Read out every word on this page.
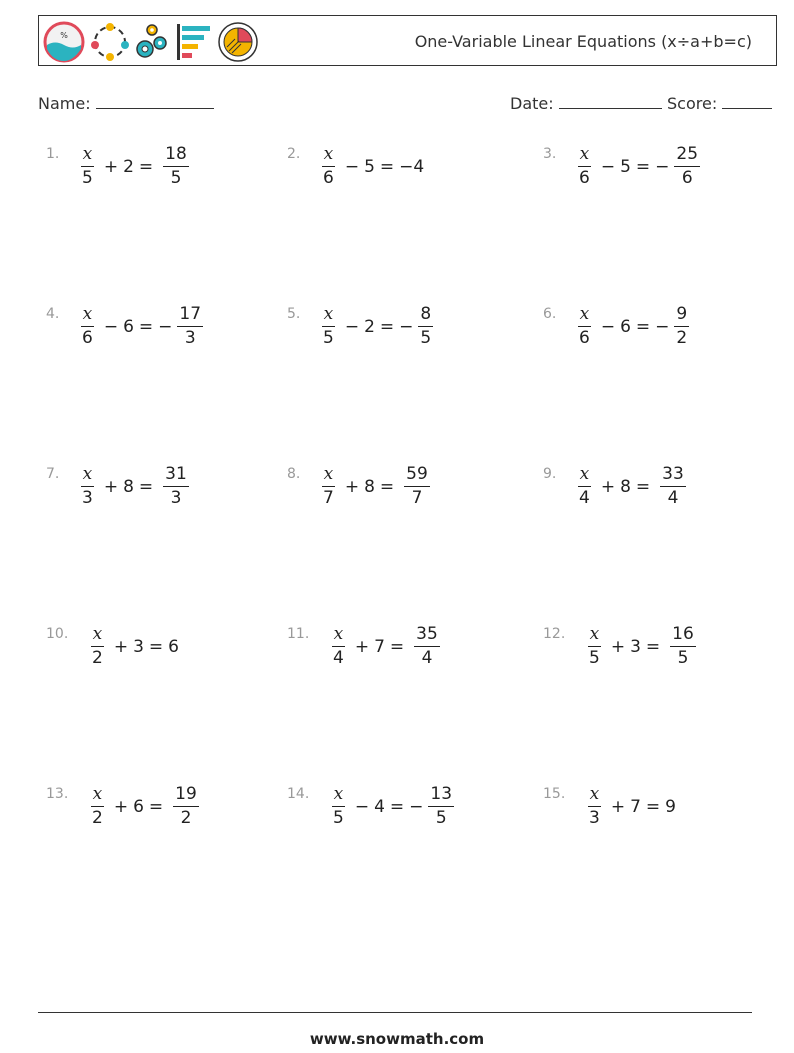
%	One-Variable Linear Equations (x÷a+b=c)
Name:	Date:	Score:
1. $\frac{x}{5} + 2 = \frac{18}{5}$	2. $\frac{x}{6} - 5 = -4$
3. $\frac{x}{6} - 5$ = − $\frac{25}{6}$
4. $\frac{x}{6} - 6$ = − $\frac{17}{3}$	5. $\frac{x}{5} - 2$ = − $\frac{8}{5}$	6. $\frac{x}{6} - 6$ = − $\frac{9}{2}$
7. $\frac{x}{3} + 8 = \frac{31}{3}$	8. $\frac{x}{7} + 8 = \frac{59}{7}$	9. $\frac{x}{4} + 8 = \frac{33}{4}$
10. $\frac{x}{2} + 3 = 6$
11. $\frac{x}{4} + 7 = \frac{35}{4}$	12. $\frac{x}{5} + 3 = \frac{16}{5}$
13. $\frac{x}{2} + 6 = \frac{19}{2}$	14. $\frac{x}{5} - 4$ = − $\frac{13}{5}$	15. $\frac{x}{3} + 7 = 9$
www.snowmath.com
